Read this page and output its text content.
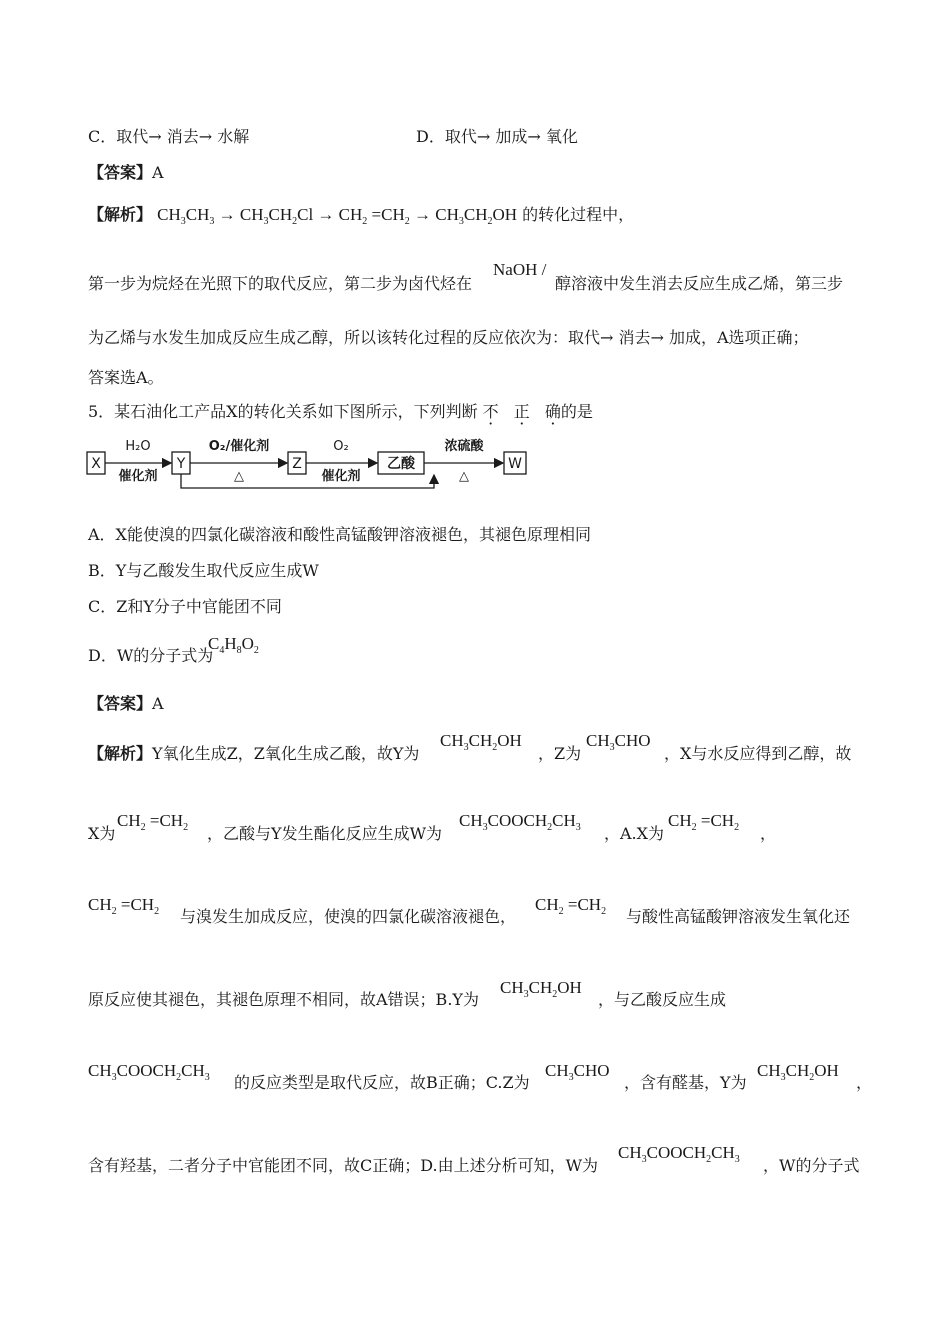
C．取代→ 消去→ 水解	D．取代→ 加成→ 氧化
【答案】A
【解析】 $CH_3CH_3 \to CH_3CH_2Cl \to CH_2 =CH_2 \to CH_3CH_2OH$ 的转化过程中，
第一步为烷烃在光照下的取代反应，第二步为卤代烃在
NaOH /
醇溶液中发生消去反应生成乙烯，第三步
为乙烯与水发生加成反应生成乙醇，所以该转化过程的反应依次为：取代→ 消去→ 加成，A选项正确；
答案选A。
5．某石油化工产品X的转化关系如下图所示，下列判断 不 正 确的是
X	Y	Z	乙酸	W
H₂O
催化剂
O₂/催化剂
△
O₂
催化剂
浓硫酸
△
A．X能使溴的四氯化碳溶液和酸性高锰酸钾溶液褪色，其褪色原理相同
B．Y与乙酸发生取代反应生成W
C．Z和Y分子中官能团不同
D．W的分子式为
$C_4H_8O_2$
【答案】A
【解析】Y氧化生成Z，Z氧化生成乙酸，故Y为
$CH_3CH_2OH$
，Z为
$CH_3CHO$
，X与水反应得到乙醇，故
X为
$CH_2 =CH_2$ ，乙酸与Y发生酯化反应生成W为
$CH_3COOCH_2CH_3$ ，A.X为
$CH_2 =CH_2$ ，
$CH_2 =CH_2$ 与溴发生加成反应，使溴的四氯化碳溶液褪色，
$CH_2 =CH_2$ 与酸性高锰酸钾溶液发生氧化还
原反应使其褪色，其褪色原理不相同，故A错误；B.Y为
$CH_3CH_2OH$
，与乙酸反应生成
$CH_3COOCH_2CH_3$ 的反应类型是取代反应，故B正确；C.Z为
$CH_3CHO$
，含有醛基，Y为
$CH_3CH_2OH$
，
含有羟基，二者分子中官能团不同，故C正确；D.由上述分析可知，W为
$CH_3COOCH_2CH_3$ ，W的分子式
